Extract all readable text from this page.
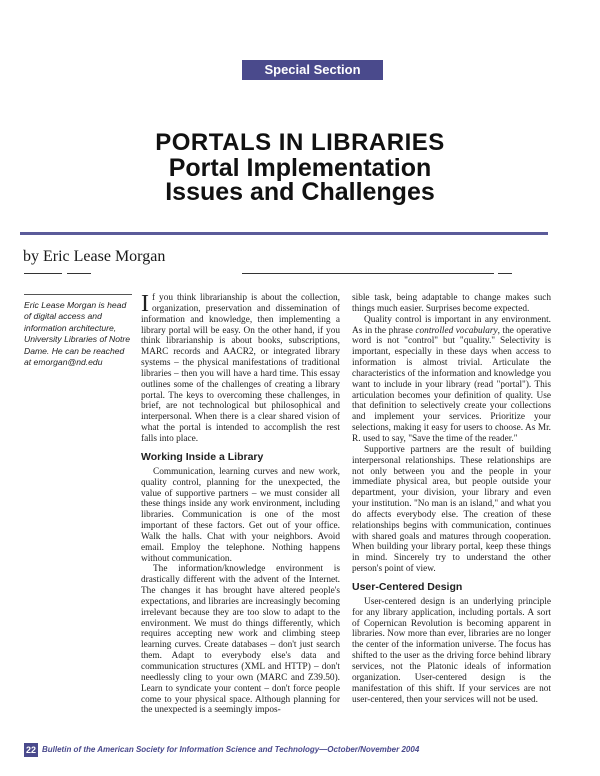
Special Section
PORTALS IN LIBRARIES
Portal Implementation
Issues and Challenges
by Eric Lease Morgan
Eric Lease Morgan is head of digital access and information architecture, University Libraries of Notre Dame. He can be reached at emorgan@nd.edu

If you think librarianship is about the collection, organization, preservation and dissemination of information and knowledge, then implementing a library portal will be easy. On the other hand, if you think librarianship is about books, subscriptions, MARC records and AACR2, or integrated library systems – the physical manifestations of traditional libraries – then you will have a hard time. This essay outlines some of the challenges of creating a library portal. The keys to overcoming these challenges, in brief, are not technological but philosophical and interpersonal. When there is a clear shared vision of what the portal is intended to accomplish the rest falls into place.

Working Inside a Library

Communication, learning curves and new work, quality control, planning for the unexpected, the value of supportive partners – we must consider all these things inside any work environment, including libraries. Communication is one of the most important of these factors. Get out of your office. Walk the halls. Chat with your neighbors. Avoid email. Employ the telephone. Nothing happens without communication.

The information/knowledge environment is drastically different with the advent of the Internet. The changes it has brought have altered people's expectations, and libraries are increasingly becoming irrelevant because they are too slow to adapt to the environment. We must do things differently, which requires accepting new work and climbing steep learning curves. Create databases – don't just search them. Adapt to everybody else's data and communication structures (XML and HTTP) – don't needlessly cling to your own (MARC and Z39.50). Learn to syndicate your content – don't force people come to your physical space. Although planning for the unexpected is a seemingly impos-

sible task, being adaptable to change makes such things much easier. Surprises become expected.

Quality control is important in any environment. As in the phrase controlled vocabulary, the operative word is not "control" but "quality." Selectivity is important, especially in these days when access to information is almost trivial. Articulate the characteristics of the information and knowledge you want to include in your library (read "portal"). This articulation becomes your definition of quality. Use that definition to selectively create your collections and implement your services. Prioritize your selections, making it easy for users to choose. As Mr. R. used to say, "Save the time of the reader."

Supportive partners are the result of building interpersonal relationships. These relationships are not only between you and the people in your immediate physical area, but people outside your department, your division, your library and even your institution. "No man is an island," and what you do affects everybody else. The creation of these relationships begins with communication, continues with shared goals and matures through cooperation. When building your library portal, keep these things in mind. Sincerely try to understand the other person's point of view.

User-Centered Design

User-centered design is an underlying principle for any library application, including portals. A sort of Copernican Revolution is becoming apparent in libraries. Now more than ever, libraries are no longer the center of the information universe. The focus has shifted to the user as the driving force behind library services, not the Platonic ideals of information organization. User-centered design is the manifestation of this shift. If your services are not user-centered, then your services will not be used.

22 Bulletin of the American Society for Information Science and Technology—October/November 2004
